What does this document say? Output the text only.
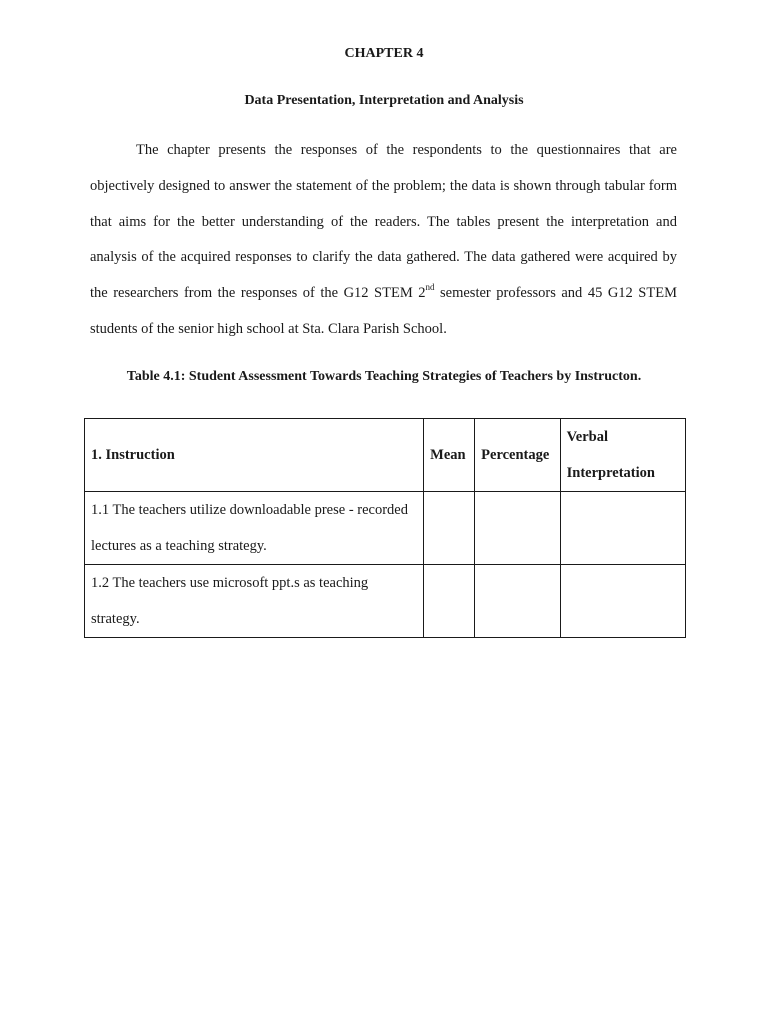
CHAPTER 4
Data Presentation, Interpretation and Analysis

The chapter presents the responses of the respondents to the questionnaires that are objectively designed to answer the statement of the problem; the data is shown through tabular form that aims for the better understanding of the readers. The tables present the interpretation and analysis of the acquired responses to clarify the data gathered. The data gathered were acquired by the researchers from the responses of the G12 STEM 2nd semester professors and 45 G12 STEM students of the senior high school at Sta. Clara Parish School.

Table 4.1: Student Assessment Towards Teaching Strategies of Teachers by Instructon.
1. Instruction	Mean	Percentage	Verbal
Interpretation

1.1 The teachers utilize downloadable prese - recorded lectures as a teaching strategy.			
1.2 The teachers use microsoft ppt.s as teaching strategy.			
